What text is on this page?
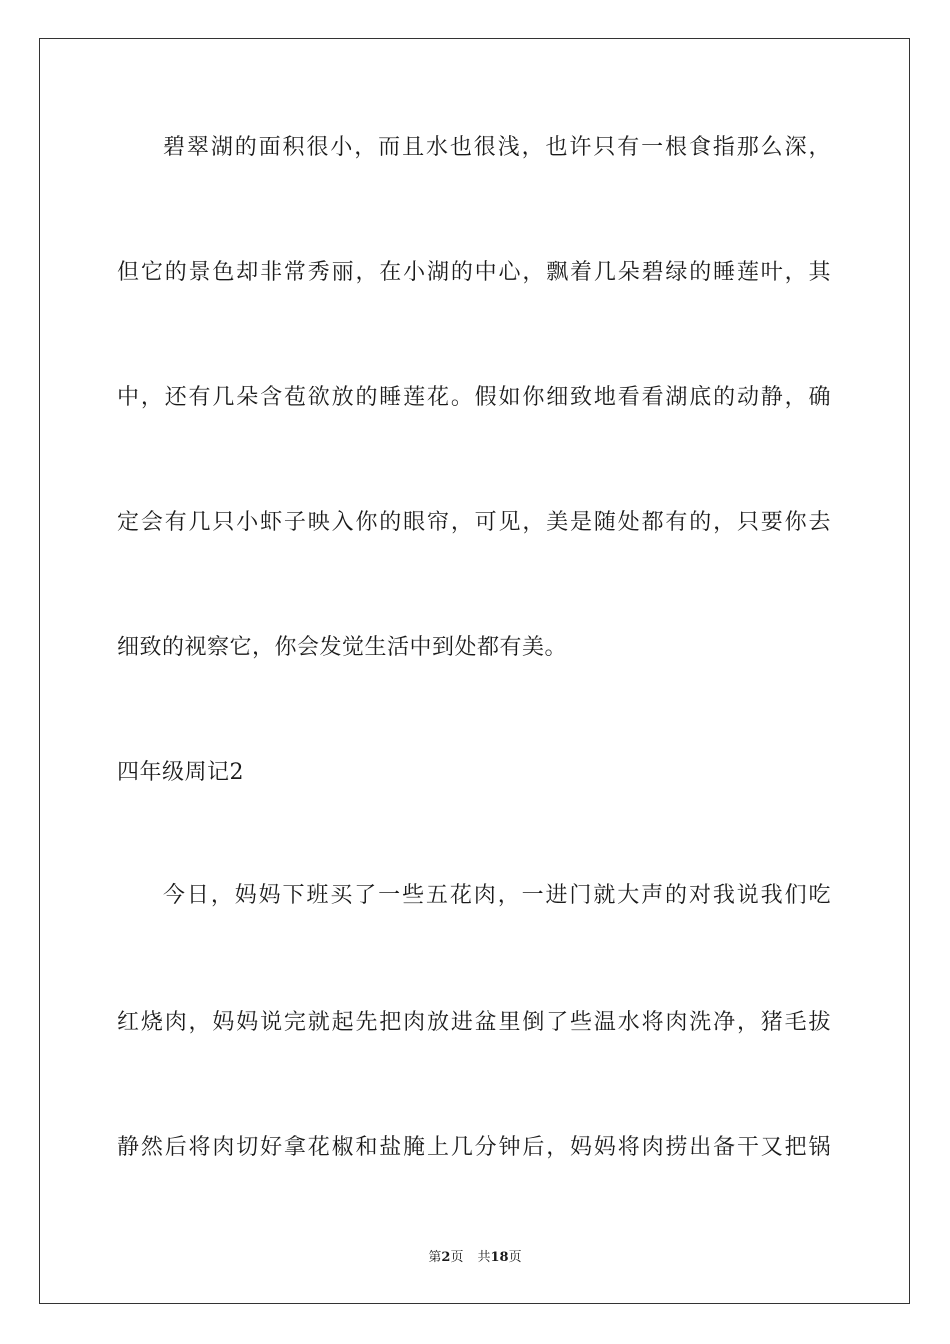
碧翠湖的面积很小，而且水也很浅，也许只有一根食指那么深，
但它的景色却非常秀丽，在小湖的中心，飘着几朵碧绿的睡莲叶，其
中，还有几朵含苞欲放的睡莲花。假如你细致地看看湖底的动静，确
定会有几只小虾子映入你的眼帘，可见，美是随处都有的，只要你去
细致的视察它，你会发觉生活中到处都有美。
四年级周记2
今日，妈妈下班买了一些五花肉，一进门就大声的对我说我们吃
红烧肉，妈妈说完就起先把肉放进盆里倒了些温水将肉洗净，猪毛拔
静然后将肉切好拿花椒和盐腌上几分钟后，妈妈将肉捞出备干又把锅
第2页 共18页
